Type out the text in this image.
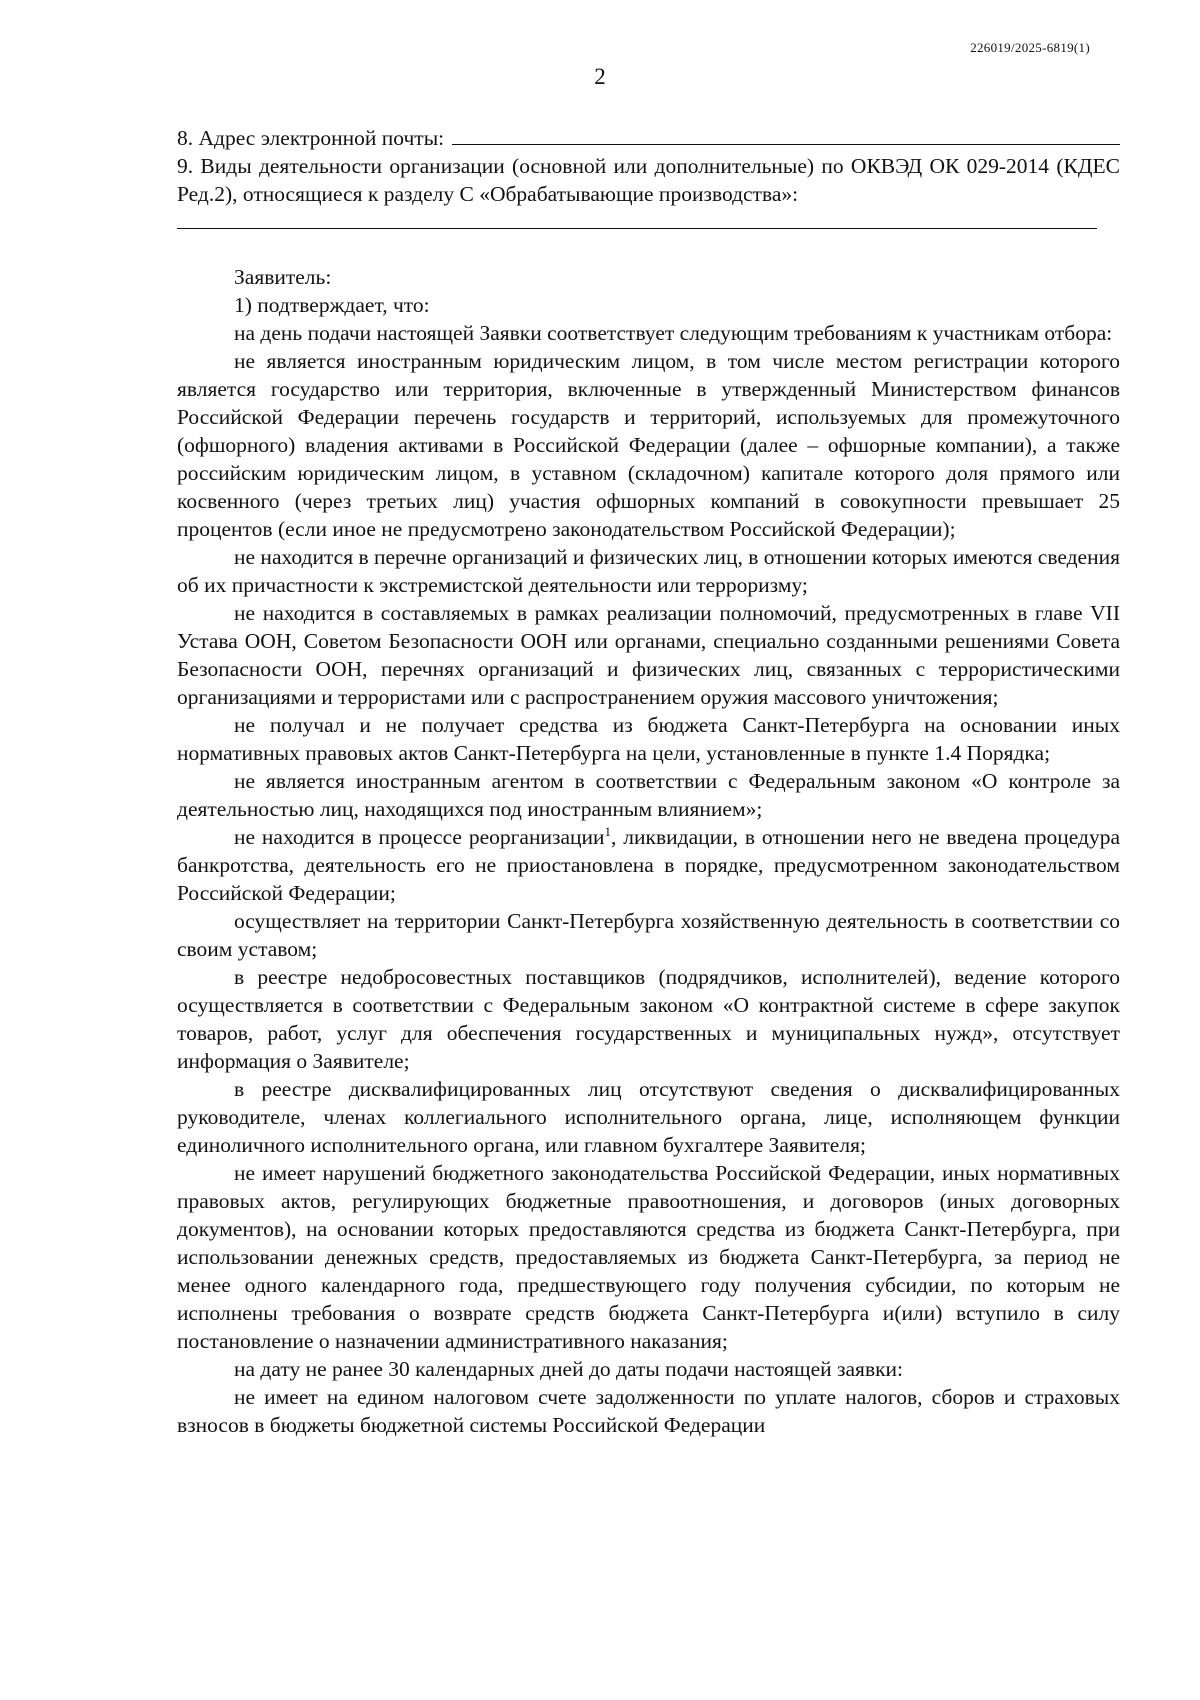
226019/2025-6819(1)
2
8. Адрес электронной почты:

9. Виды деятельности организации (основной или дополнительные) по ОКВЭД ОК 029-2014 (КДЕС Ред.2), относящиеся к разделу С «Обрабатывающие производства»:

Заявитель:

1) подтверждает, что:

на день подачи настоящей Заявки соответствует следующим требованиям к участникам отбора:

не является иностранным юридическим лицом, в том числе местом регистрации которого является государство или территория, включенные в утвержденный Министерством финансов Российской Федерации перечень государств и территорий, используемых для промежуточного (офшорного) владения активами в Российской Федерации (далее – офшорные компании), а также российским юридическим лицом, в уставном (складочном) капитале которого доля прямого или косвенного (через третьих лиц) участия офшорных компаний в совокупности превышает 25 процентов (если иное не предусмотрено законодательством Российской Федерации);

не находится в перечне организаций и физических лиц, в отношении которых имеются сведения об их причастности к экстремистской деятельности или терроризму;

не находится в составляемых в рамках реализации полномочий, предусмотренных в главе VII Устава ООН, Советом Безопасности ООН или органами, специально созданными решениями Совета Безопасности ООН, перечнях организаций и физических лиц, связанных с террористическими организациями и террористами или с распространением оружия массового уничтожения;

не получал и не получает средства из бюджета Санкт-Петербурга на основании иных нормативных правовых актов Санкт-Петербурга на цели, установленные в пункте 1.4 Порядка;

не является иностранным агентом в соответствии с Федеральным законом «О контроле за деятельностью лиц, находящихся под иностранным влиянием»;

не находится в процессе реорганизации$^1$, ликвидации, в отношении него не введена процедура банкротства, деятельность его не приостановлена в порядке, предусмотренном законодательством Российской Федерации;

осуществляет на территории Санкт-Петербурга хозяйственную деятельность в соответствии со своим уставом;

в реестре недобросовестных поставщиков (подрядчиков, исполнителей), ведение которого осуществляется в соответствии с Федеральным законом «О контрактной системе в сфере закупок товаров, работ, услуг для обеспечения государственных и муниципальных нужд», отсутствует информация о Заявителе;

в реестре дисквалифицированных лиц отсутствуют сведения о дисквалифицированных руководителе, членах коллегиального исполнительного органа, лице, исполняющем функции единоличного исполнительного органа, или главном бухгалтере Заявителя;

не имеет нарушений бюджетного законодательства Российской Федерации, иных нормативных правовых актов, регулирующих бюджетные правоотношения, и договоров (иных договорных документов), на основании которых предоставляются средства из бюджета Санкт-Петербурга, при использовании денежных средств, предоставляемых из бюджета Санкт-Петербурга, за период не менее одного календарного года, предшествующего году получения субсидии, по которым не исполнены требования о возврате средств бюджета Санкт-Петербурга и(или) вступило в силу постановление о назначении административного наказания;

на дату не ранее 30 календарных дней до даты подачи настоящей заявки:

не имеет на едином налоговом счете задолженности по уплате налогов, сборов и страховых взносов в бюджеты бюджетной системы Российской Федерации
